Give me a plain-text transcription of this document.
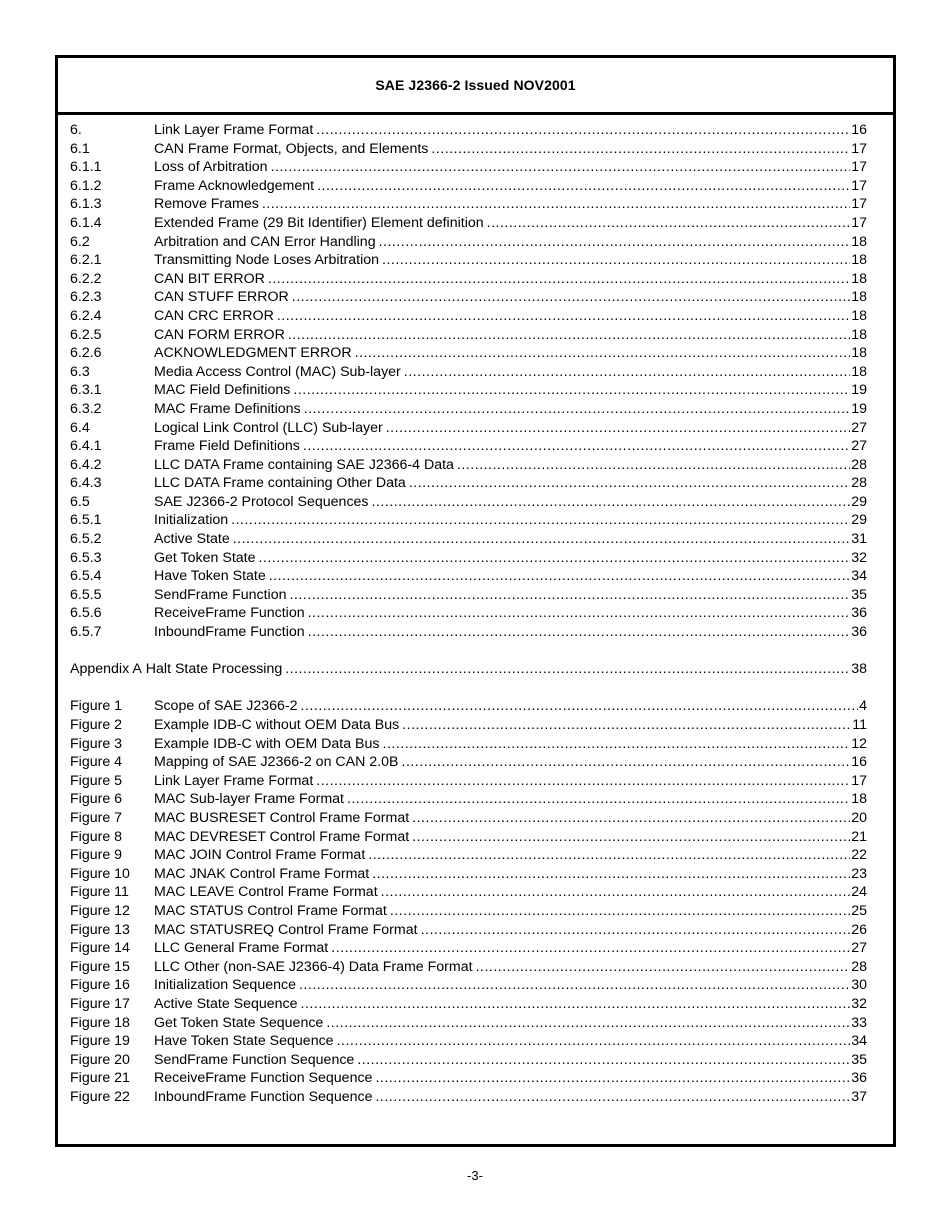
SAE J2366-2 Issued NOV2001
6.	Link Layer Frame Format .....	16
6.1	CAN Frame Format, Objects, and Elements .....	17
6.1.1	Loss of Arbitration .....	17
6.1.2	Frame Acknowledgement .....	17
6.1.3	Remove Frames .....	17
6.1.4	Extended Frame (29 Bit Identifier) Element definition .....	17
6.2	Arbitration and CAN Error Handling .....	18
6.2.1	Transmitting Node Loses Arbitration .....	18
6.2.2	CAN BIT ERROR .....	18
6.2.3	CAN STUFF ERROR .....	18
6.2.4	CAN CRC ERROR .....	18
6.2.5	CAN FORM ERROR .....	18
6.2.6	ACKNOWLEDGMENT ERROR .....	18
6.3	Media Access Control (MAC) Sub-layer .....	18
6.3.1	MAC Field Definitions .....	19
6.3.2	MAC Frame Definitions .....	19
6.4	Logical Link Control (LLC) Sub-layer .....	27
6.4.1	Frame Field Definitions .....	27
6.4.2	LLC DATA Frame containing SAE J2366-4 Data .....	28
6.4.3	LLC DATA Frame containing Other Data .....	28
6.5	SAE J2366-2 Protocol Sequences .....	29
6.5.1	Initialization .....	29
6.5.2	Active State .....	31
6.5.3	Get Token State .....	32
6.5.4	Have Token State .....	34
6.5.5	SendFrame Function .....	35
6.5.6	ReceiveFrame Function .....	36
6.5.7	InboundFrame Function .....	36
Appendix A Halt State Processing .....	38
Figure 1	Scope of SAE J2366-2 .....	4
Figure 2	Example IDB-C without OEM Data Bus .....	11
Figure 3	Example IDB-C with OEM Data Bus .....	12
Figure 4	Mapping of SAE J2366-2 on CAN 2.0B .....	16
Figure 5	Link Layer Frame Format .....	17
Figure 6	MAC Sub-layer Frame Format .....	18
Figure 7	MAC BUSRESET Control Frame Format .....	20
Figure 8	MAC DEVRESET Control Frame Format .....	21
Figure 9	MAC JOIN Control Frame Format .....	22
Figure 10	MAC JNAK Control Frame Format .....	23
Figure 11	MAC LEAVE Control Frame Format .....	24
Figure 12	MAC STATUS Control Frame Format .....	25
Figure 13	MAC STATUSREQ Control Frame Format .....	26
Figure 14	LLC General Frame Format .....	27
Figure 15	LLC Other (non-SAE J2366-4) Data Frame Format .....	28
Figure 16	Initialization Sequence .....	30
Figure 17	Active State Sequence .....	32
Figure 18	Get Token State Sequence .....	33
Figure 19	Have Token State Sequence .....	34
Figure 20	SendFrame Function Sequence .....	35
Figure 21	ReceiveFrame Function Sequence .....	36
Figure 22	InboundFrame Function Sequence .....	37
-3-
